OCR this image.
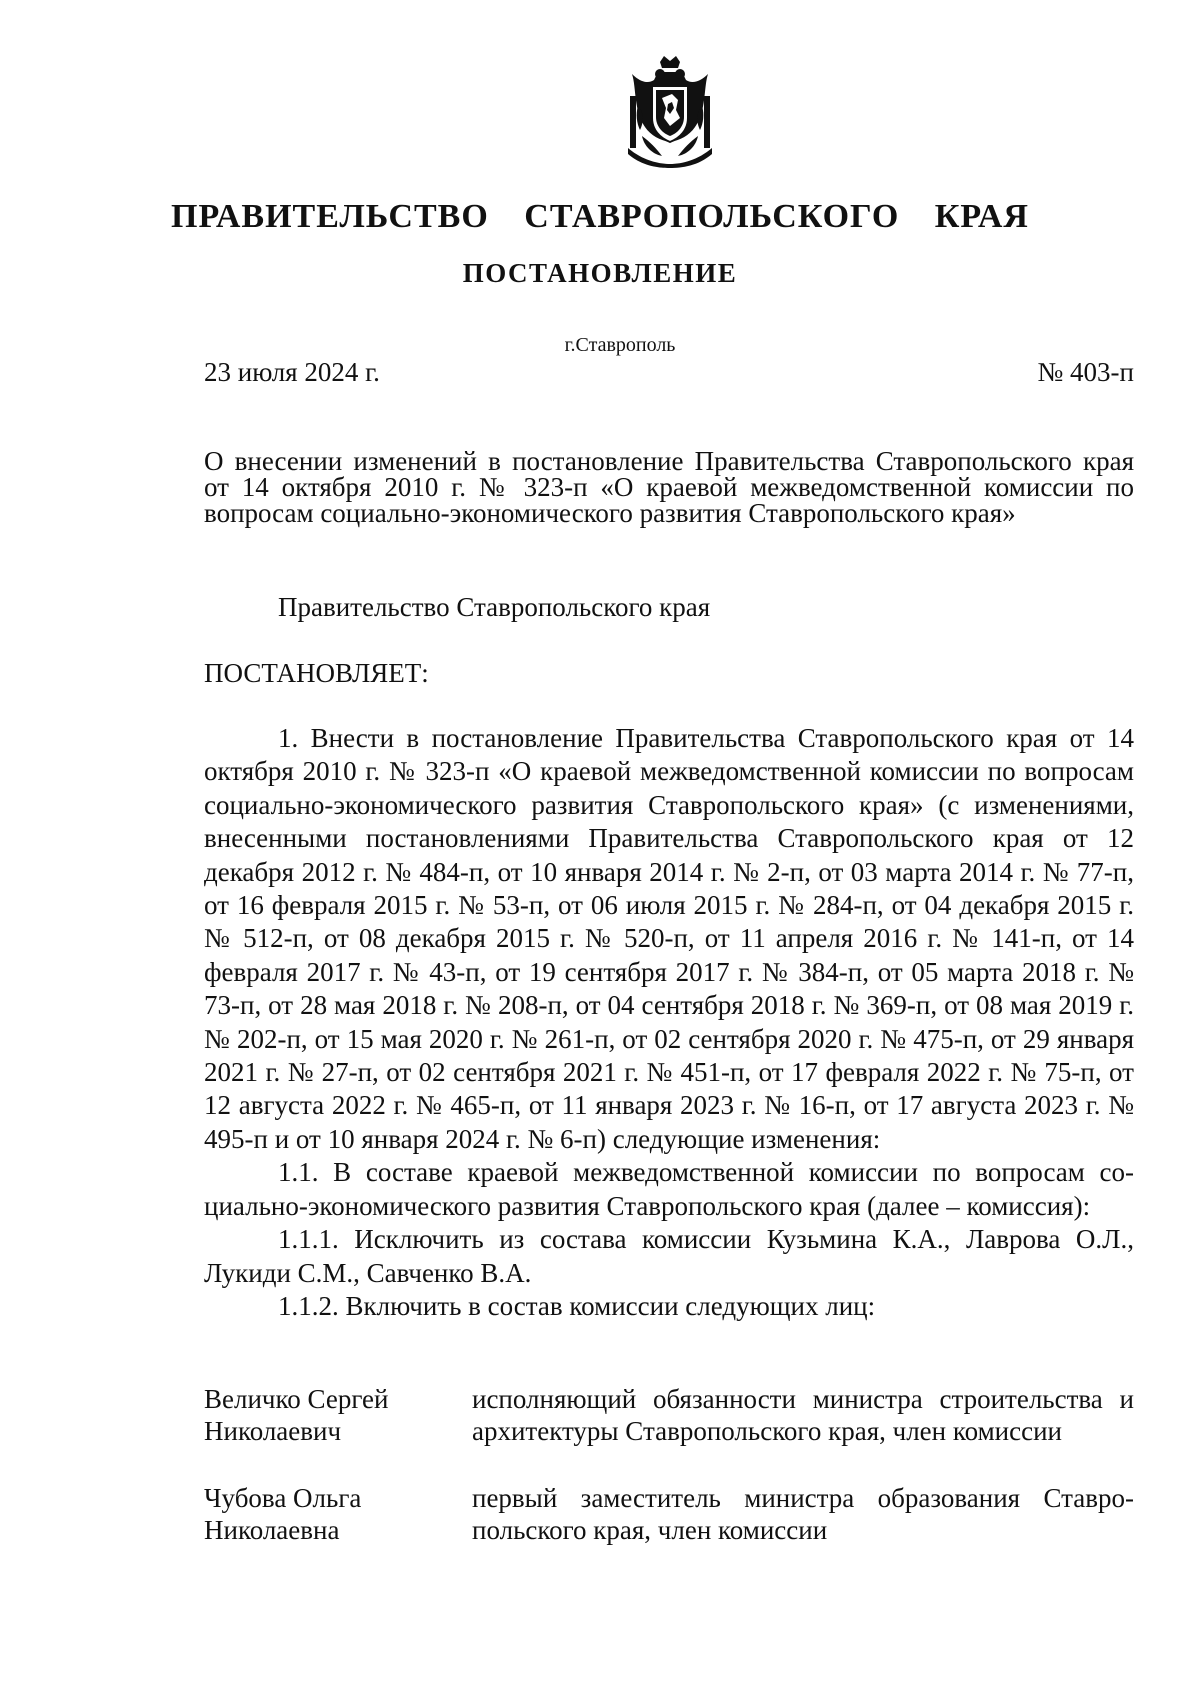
ПРАВИТЕЛЬСТВО СТАВРОПОЛЬСКОГО КРАЯ
ПОСТАНОВЛЕНИЕ
г.Ставрополь
23 июля 2024 г.	№ 403-п

О внесении изменений в постановление Правительства Ставропольского края от 14 октября 2010 г. № 323-п «О краевой межведомственной комиссии по вопросам социально-экономического развития Ставропольского края»

Правительство Ставропольского края

ПОСТАНОВЛЯЕТ:

1. Внести в постановление Правительства Ставропольского края от 14 октября 2010 г. № 323-п «О краевой межведомственной комиссии по вопросам социально-экономического развития Ставропольского края» (с изменениями, внесенными постановлениями Правительства Ставропольского края от 12 декабря 2012 г. № 484-п, от 10 января 2014 г. № 2-п, от 03 марта 2014 г. № 77-п, от 16 февраля 2015 г. № 53-п, от 06 июля 2015 г. № 284-п, от 04 декабря 2015 г. № 512-п, от 08 декабря 2015 г. № 520-п, от 11 апреля 2016 г. № 141-п, от 14 февраля 2017 г. № 43-п, от 19 сентября 2017 г. № 384-п, от 05 марта 2018 г. № 73-п, от 28 мая 2018 г. № 208-п, от 04 сентября 2018 г. № 369-п, от 08 мая 2019 г. № 202-п, от 15 мая 2020 г. № 261-п, от 02 сентября 2020 г. № 475-п, от 29 января 2021 г. № 27-п, от 02 сентября 2021 г. № 451-п, от 17 февраля 2022 г. № 75-п, от 12 августа 2022 г. № 465-п, от 11 января 2023 г. № 16-п, от 17 августа 2023 г. № 495-п и от 10 января 2024 г. № 6-п) следующие изменения:

1.1. В составе краевой межведомственной комиссии по вопросам социально-экономического развития Ставропольского края (далее – комиссия):

1.1.1. Исключить из состава комиссии Кузьмина К.А., Лаврова О.Л., Лукиди С.М., Савченко В.А.

1.1.2. Включить в состав комиссии следующих лиц:

Величко Сергей
Николаевич
исполняющий обязанности министра строительства и архитектуры Ставропольского края, член комиссии
Чубова Ольга
Николаевна
первый заместитель министра образования Ставропольского края, член комиссии
